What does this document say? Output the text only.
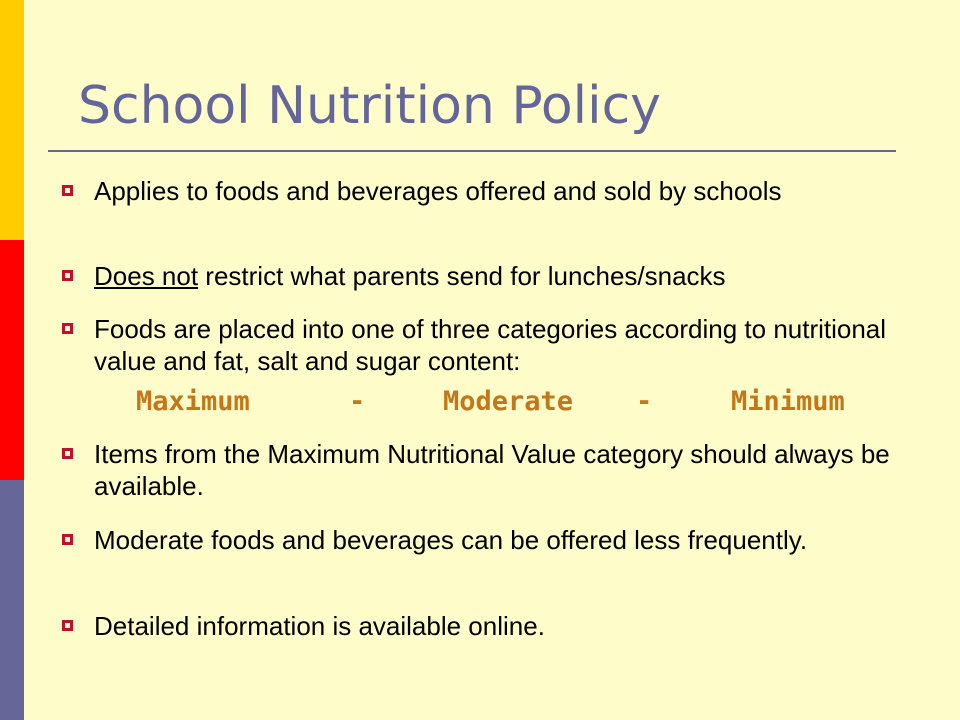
School Nutrition Policy
Applies to foods and beverages offered and sold by schools
Does not restrict what parents send for lunches/snacks
Foods are placed into one of three categories according to nutritional value and fat, salt and sugar content:
Maximum	-	Moderate -	Minimum
Items from the Maximum Nutritional Value category should always be available.
Moderate foods and beverages can be offered less frequently.
Detailed information is available online.
